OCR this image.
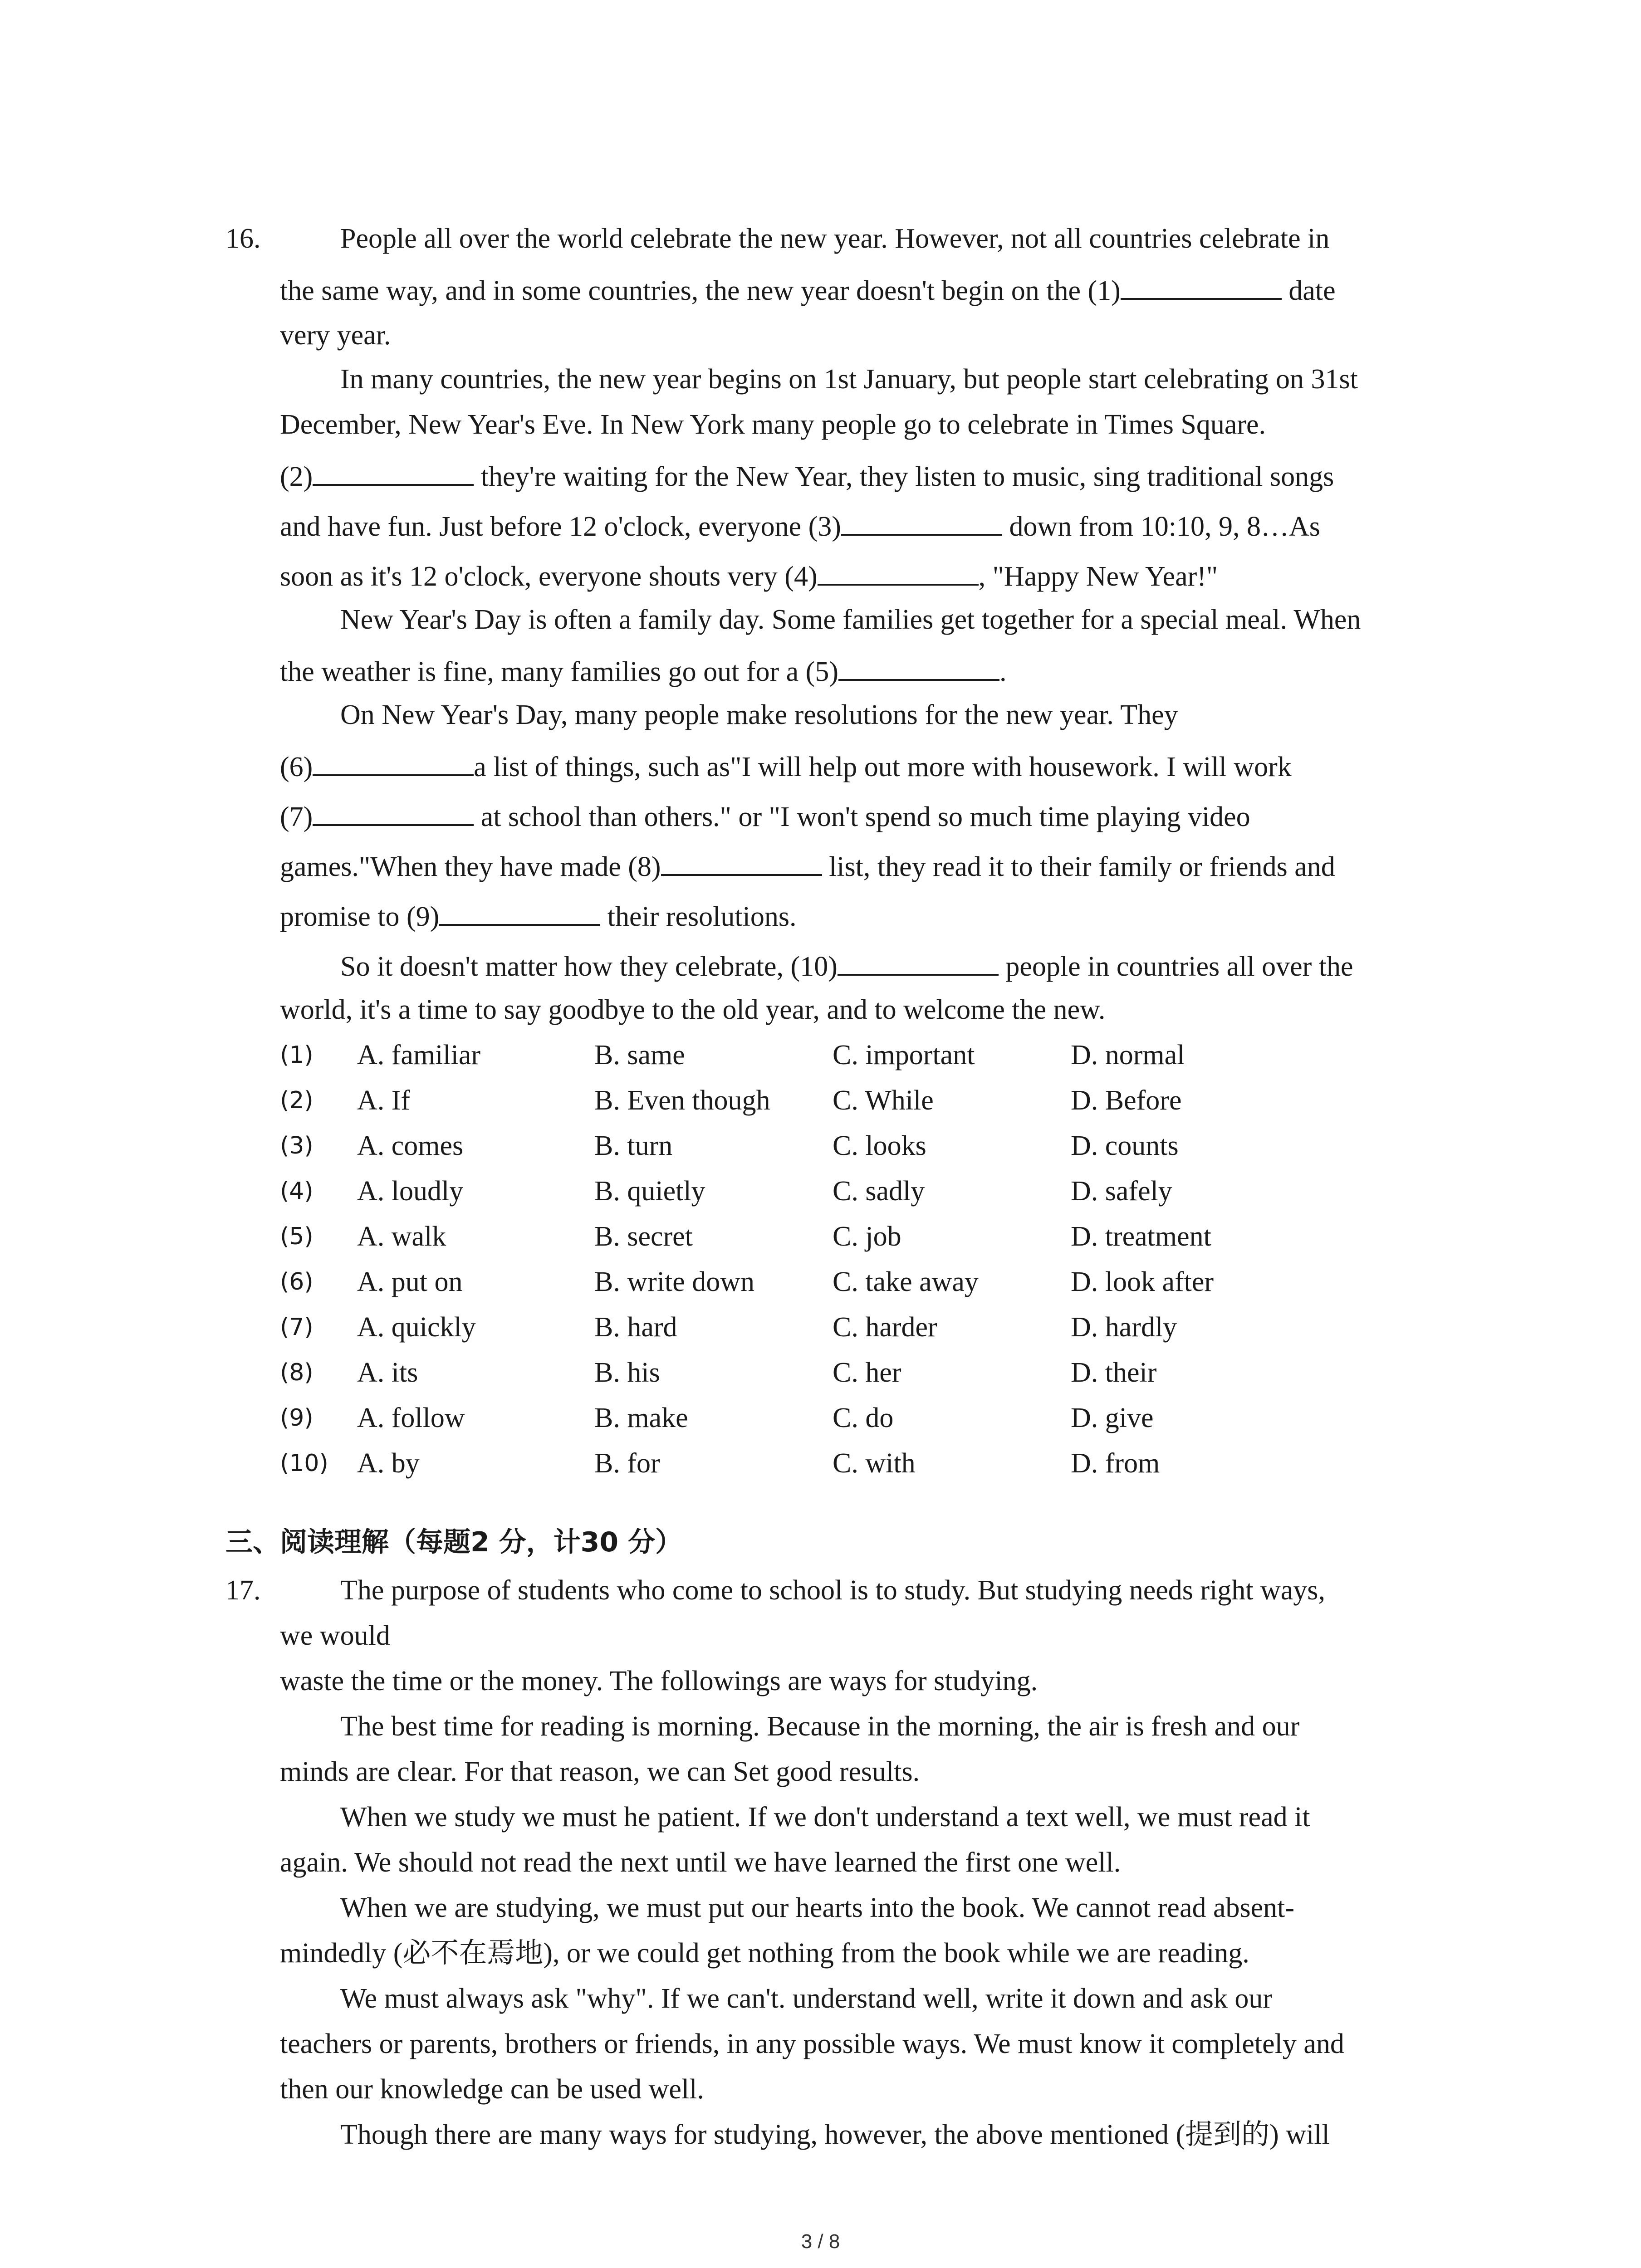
16.	People all over the world celebrate the new year. However, not all countries celebrate in
the same way, and in some countries, the new year doesn't begin on the (1)	date
very year.
In many countries, the new year begins on 1st January, but people start celebrating on 31st
December, New Year's Eve. In New York many people go to celebrate in Times Square.
(2)	they're waiting for the New Year, they listen to music, sing traditional songs
and have fun. Just before 12 o'clock, everyone (3)	down from 10:10, 9, 8…As
soon as it's 12 o'clock, everyone shouts very (4)	, "Happy New Year!"
New Year's Day is often a family day. Some families get together for a special meal. When
the weather is fine, many families go out for a (5)	.
On New Year's Day, many people make resolutions for the new year. They
(6)	a list of things, such as"I will help out more with housework. I will work
(7)	at school than others." or "I won't spend so much time playing video
games."When they have made (8)	list, they read it to their family or friends and
promise to (9)	their resolutions.
So it doesn't matter how they celebrate, (10)	people in countries all over the
world, it's a time to say goodbye to the old year, and to welcome the new.
(1) A. familiar	B. same	C. important	D. normal
(2) A. If	B. Even though C. While	D. Before
(3) A. comes	B. turn	C. looks	D. counts
(4) A. loudly	B. quietly	C. sadly	D. safely
(5) A. walk	B. secret	C. job	D. treatment
(6) A. put on	B. write down	C. take away	D. look after
(7) A. quickly	B. hard	C. harder	D. hardly
(8) A. its	B. his	C. her	D. their
(9) A. follow	B. make	C. do	D. give
(10) A. by	B. for	C. with	D. from
三、阅读理解（每题2 分，计30 分）
17.	The purpose of students who come to school is to study. But studying needs right ways,
we would
waste the time or the money. The followings are ways for studying.
The best time for reading is morning. Because in the morning, the air is fresh and our
minds are clear. For that reason, we can Set good results.
When we study we must he patient. If we don't understand a text well, we must read it
again. We should not read the next until we have learned the first one well.
When we are studying, we must put our hearts into the book. We cannot read absent-
mindedly (必不在焉地), or we could get nothing from the book while we are reading.
We must always ask "why". If we can't. understand well, write it down and ask our
teachers or parents, brothers or friends, in any possible ways. We must know it completely and
then our knowledge can be used well.
Though there are many ways for studying, however, the above mentioned (提到的) will
3 / 8
